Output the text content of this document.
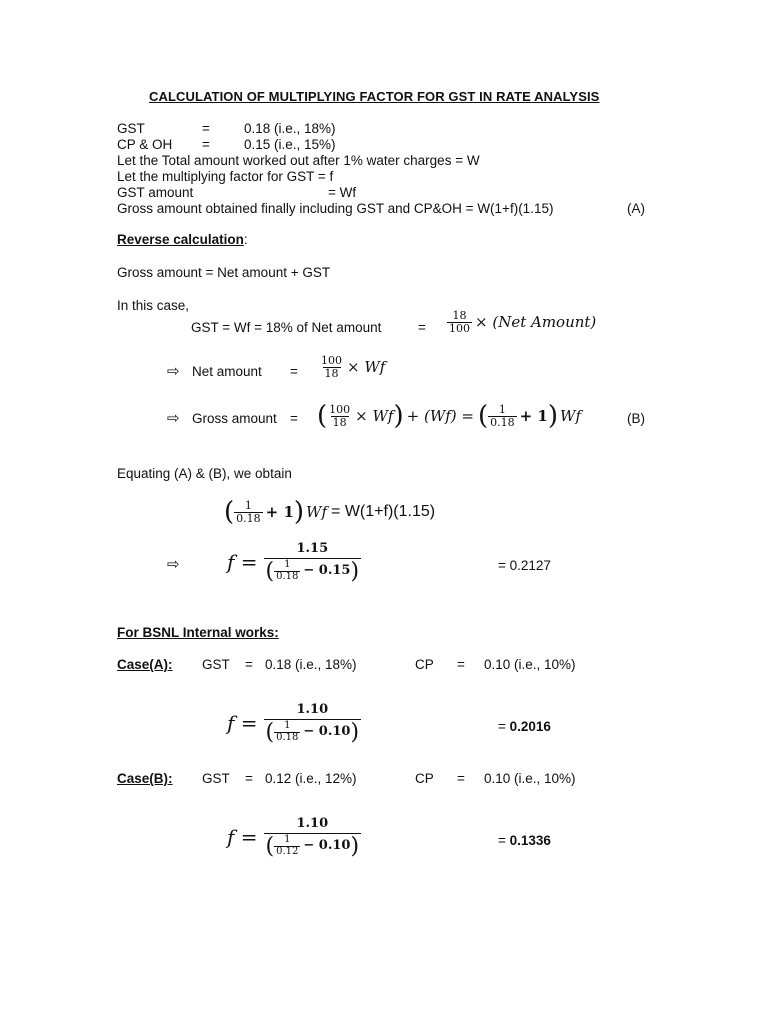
CALCULATION OF MULTIPLYING FACTOR FOR GST IN RATE ANALYSIS
GST	=	0.18 (i.e., 18%)
CP & OH =	0.15 (i.e., 15%)
Let the Total amount worked out after 1% water charges = W
Let the multiplying factor for GST = f
GST amount	= Wf
Gross amount obtained finally including GST and CP&OH = W(1+f)(1.15)	(A)
Reverse calculation:
Gross amount = Net amount + GST
In this case,
GST = Wf = 18% of Net amount	= $\frac{18}{100} \times (Net$ Amount)
⇨ Net amount = $\frac{100}{18} \times Wf$
⇨ Gross amount = ( $\frac{100}{18} \times Wf$ ) + (Wf) = ( $\frac{1}{0.18} + 1$ ) Wf	(B)
Equating (A) & (B), we obtain
( $\frac{1}{0.18} + 1$ ) Wf = W(1+f)(1.15)
⇨ $f = \frac{1.15}{( \frac{1}{0.18} - 0.15 )}$	= 0.2127
For BSNL Internal works:
Case(A): GST = 0.18 (i.e., 18%)	CP = 0.10 (i.e., 10%)
$f = \frac{1.10}{( \frac{1}{0.18} - 0.10 )}$	= 0.2016
Case(B): GST = 0.12 (i.e., 12%)	CP = 0.10 (i.e., 10%)
$f = \frac{1.10}{( \frac{1}{0.12} - 0.10 )}$	= 0.1336
